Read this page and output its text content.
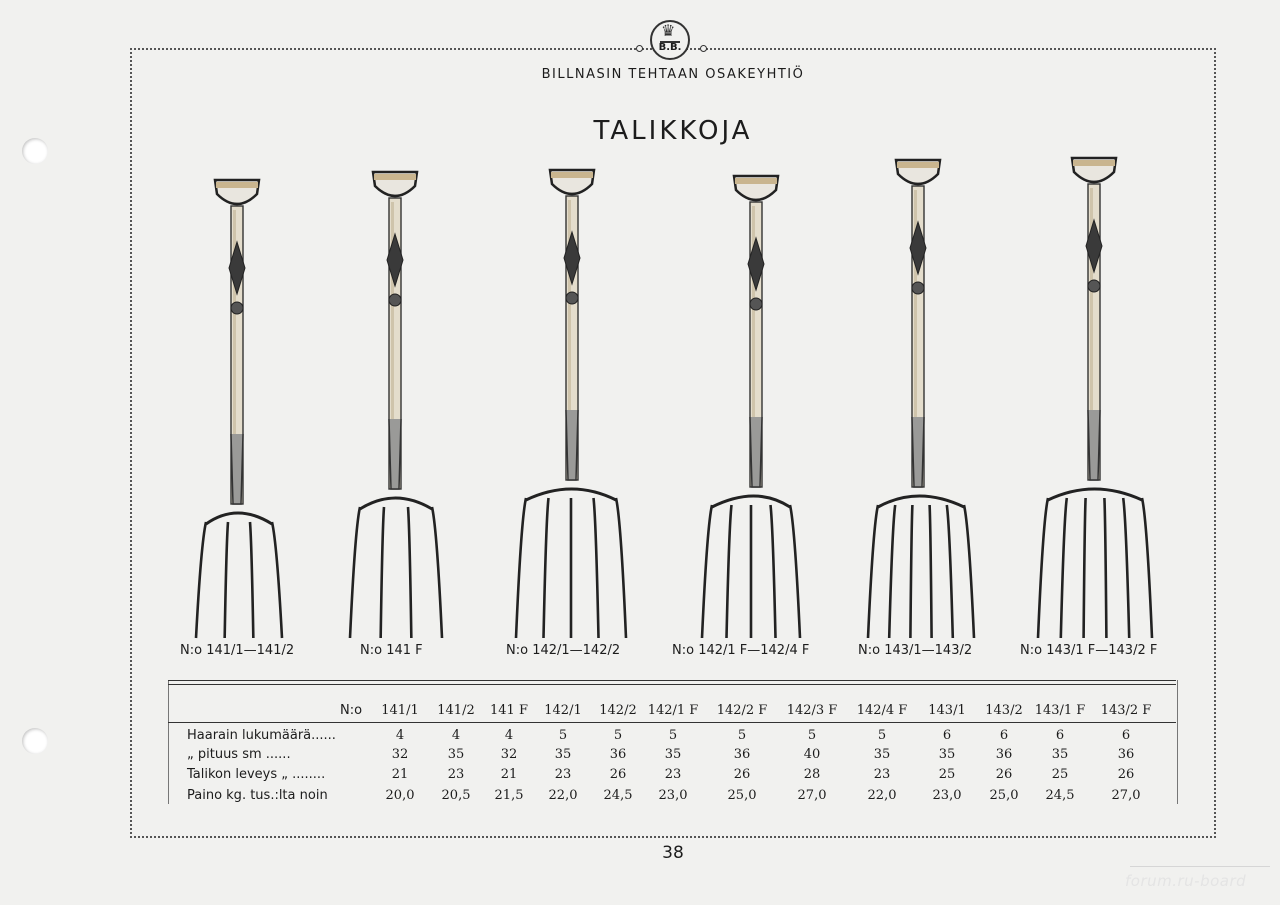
♛
B.B.
BILLNASIN TEHTAAN OSAKEYHTIÖ
TALIKKOJA
N:o 141/1—141/2	N:o 141 F	N:o 142/1—142/2	N:o 142/1 F—142/4 F	N:o 143/1—143/2	N:o 143/1 F—143/2 F
N:o 141/1 141/2 141 F 142/1 142/2 142/1 F 142/2 F 142/3 F 142/4 F 143/1 143/2 143/1 F 143/2 F
Haarain lukumäärä......	4	4	4	5	5	5	5	5	5	6	6	6	6
„ pituus sm ......	32	35	32	35	36	35	36	40	35	35	36	35	36
Talikon leveys „ ........	21	23	21	23	26	23	26	28	23	25	26	25	26
Paino kg. tus.:lta noin	20,0 20,5 21,5 22,0 24,5 23,0	25,0	27,0	22,0	23,0 25,0 24,5	27,0
38
forum.ru-board
